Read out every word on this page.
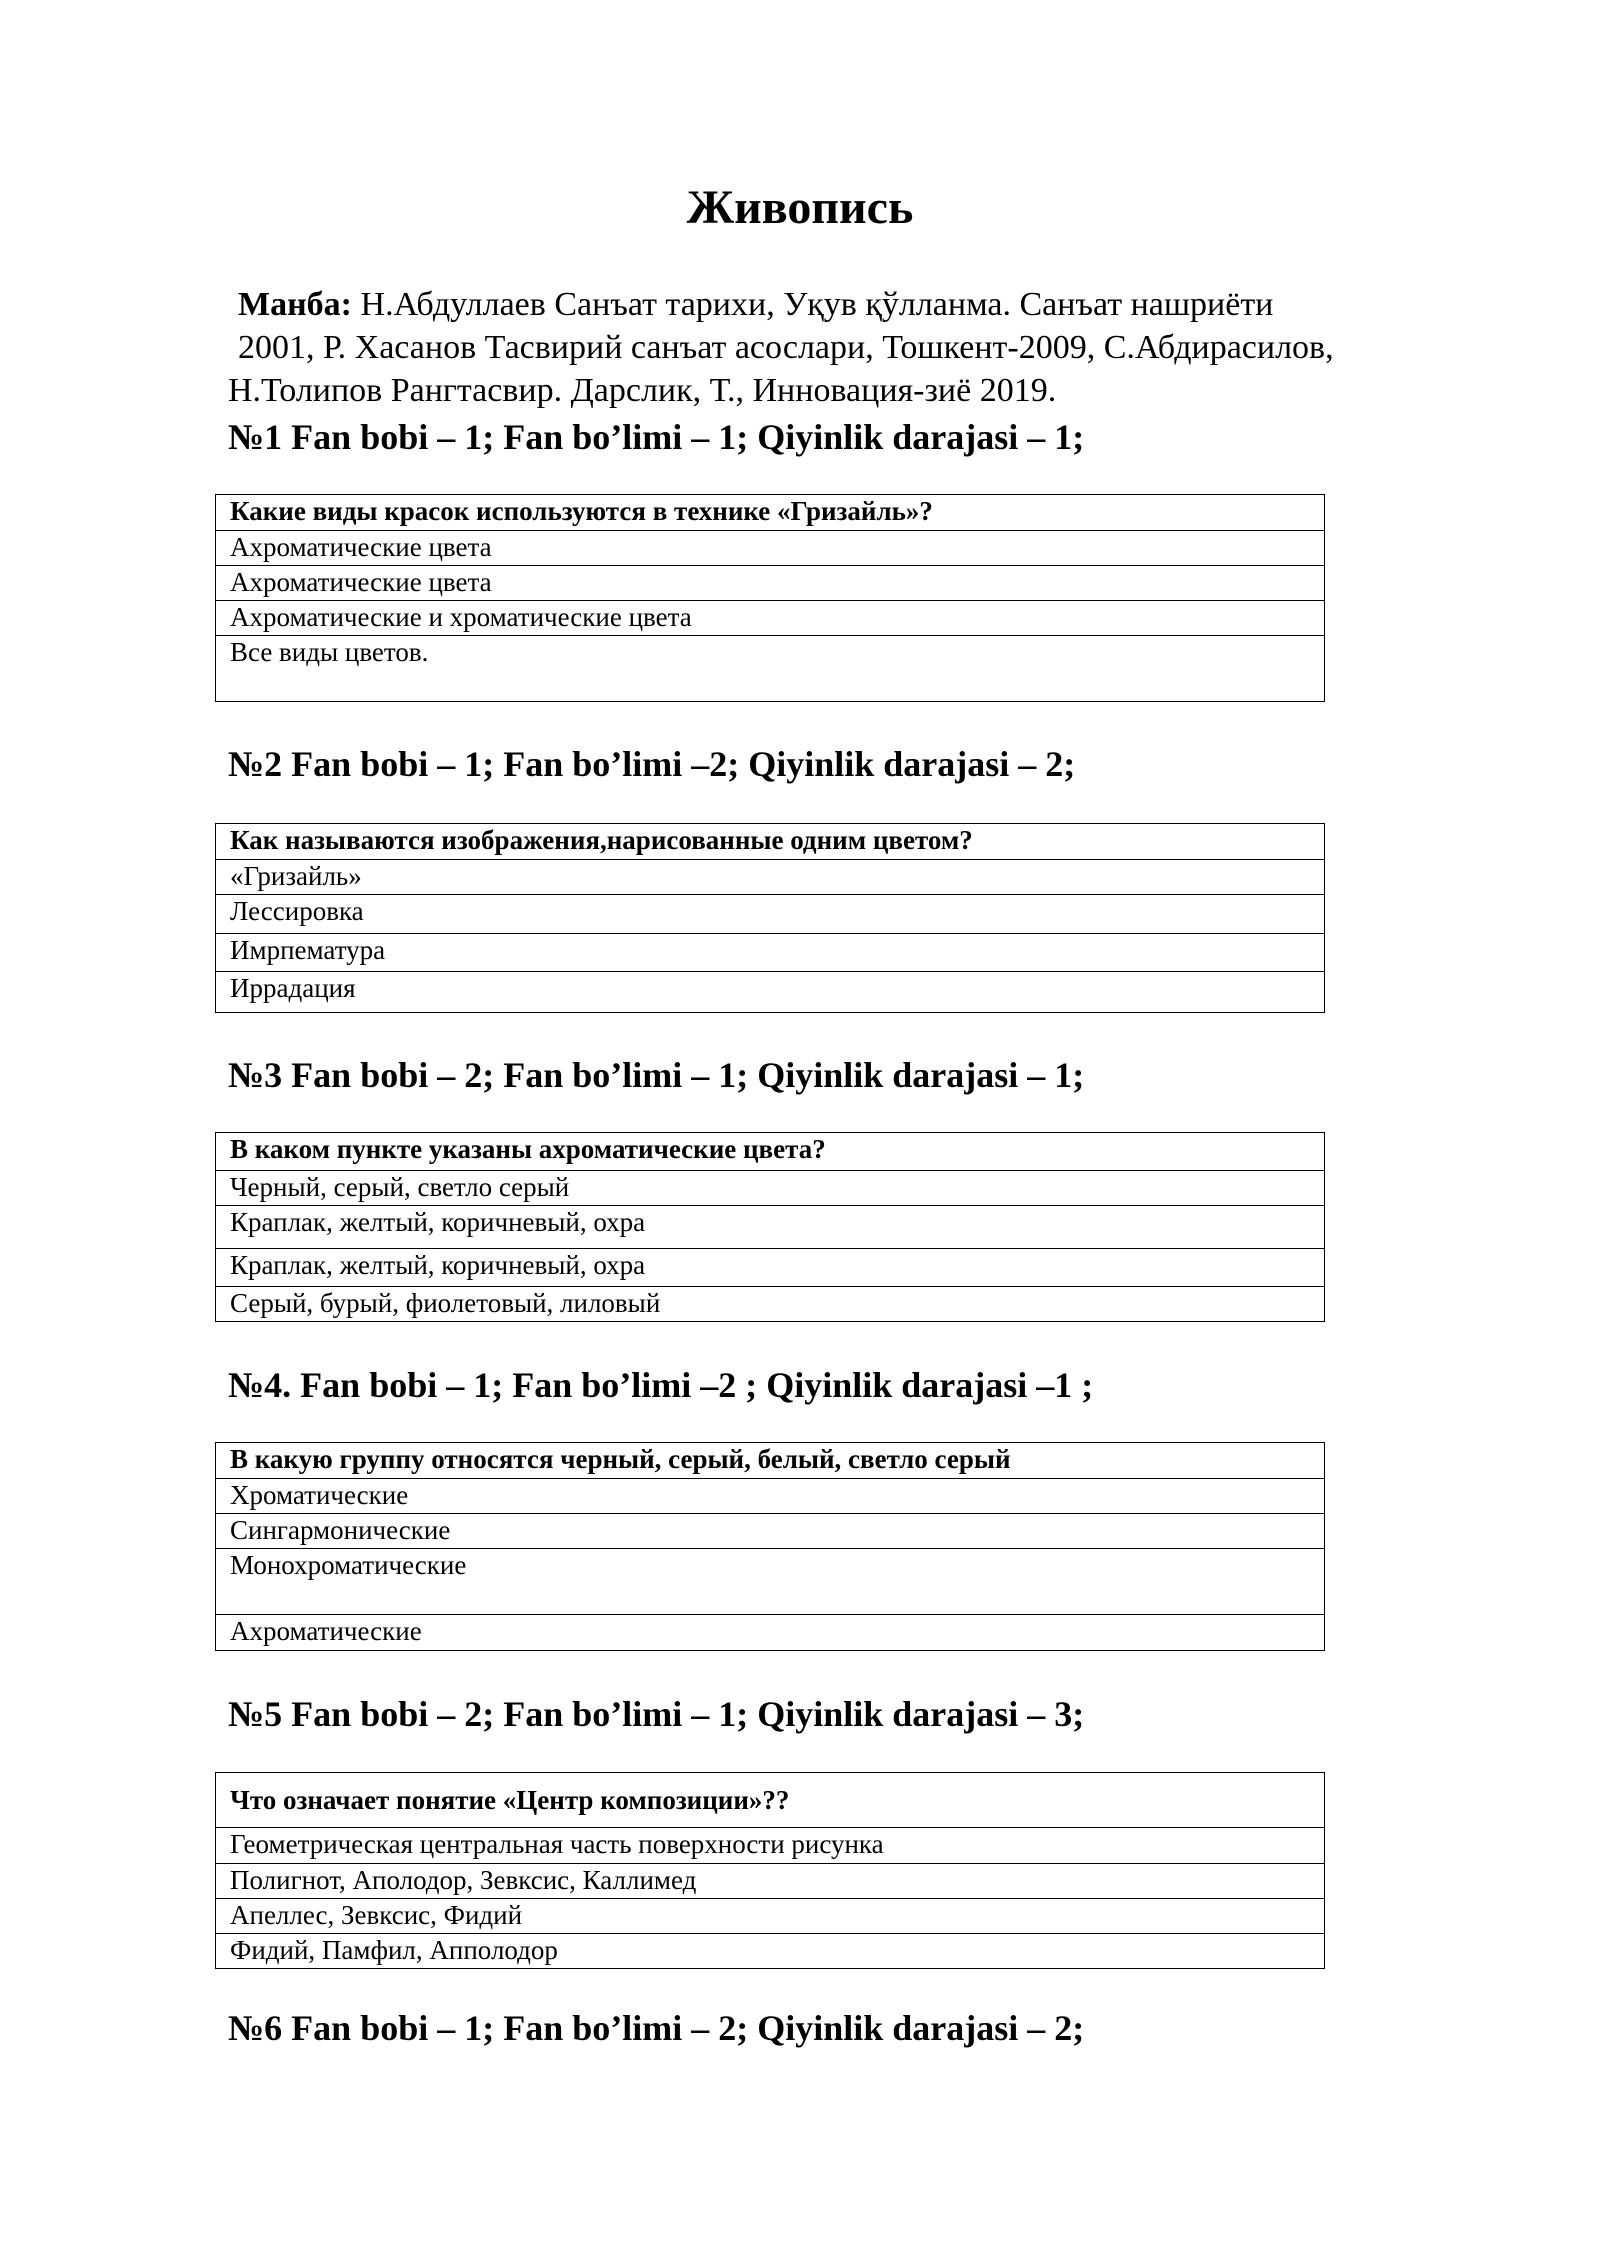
Живопись
Манба: Н.Абдуллаев Санъат тарихи, Уқув қўлланма. Санъат нашриёти
2001, Р. Хасанов Тасвирий санъат асослари, Тошкент-2009, С.Абдирасилов,
Н.Толипов Рангтасвир. Дарслик, Т., Инновация-зиё 2019.
№1 Fan bobi – 1; Fan bo’limi – 1; Qiyinlik darajasi – 1;
Какие виды красок используются в технике «Гризайль»?
Ахроматические цвета
Ахроматические цвета
Ахроматические и хроматические цвета
Все виды цветов.
№2 Fan bobi – 1; Fan bo’limi –2; Qiyinlik darajasi – 2;
Как называются изображения,нарисованные одним цветом?
«Гризайль»
Лессировка
Имрпематура
Иррадация
№3 Fan bobi – 2; Fan bo’limi – 1; Qiyinlik darajasi – 1;
В каком пункте указаны ахроматические цвета?
Черный, серый, светло серый
Краплак, желтый, коричневый, охра
Краплак, желтый, коричневый, охра
Серый, бурый, фиолетовый, лиловый
№4. Fan bobi – 1; Fan bo’limi –2 ; Qiyinlik darajasi –1 ;
В какую группу относятся черный, серый, белый, светло серый
Хроматические
Сингармонические
Монохроматические
Ахроматические
№5 Fan bobi – 2; Fan bo’limi – 1; Qiyinlik darajasi – 3;
Что означает понятие «Центр композиции»??
Геометрическая центральная часть поверхности рисунка
Полигнот, Аполодор, Зевксис, Каллимед
Апеллес, Зевксис, Фидий
Фидий, Памфил, Апполодор
№6 Fan bobi – 1; Fan bo’limi – 2; Qiyinlik darajasi – 2;
